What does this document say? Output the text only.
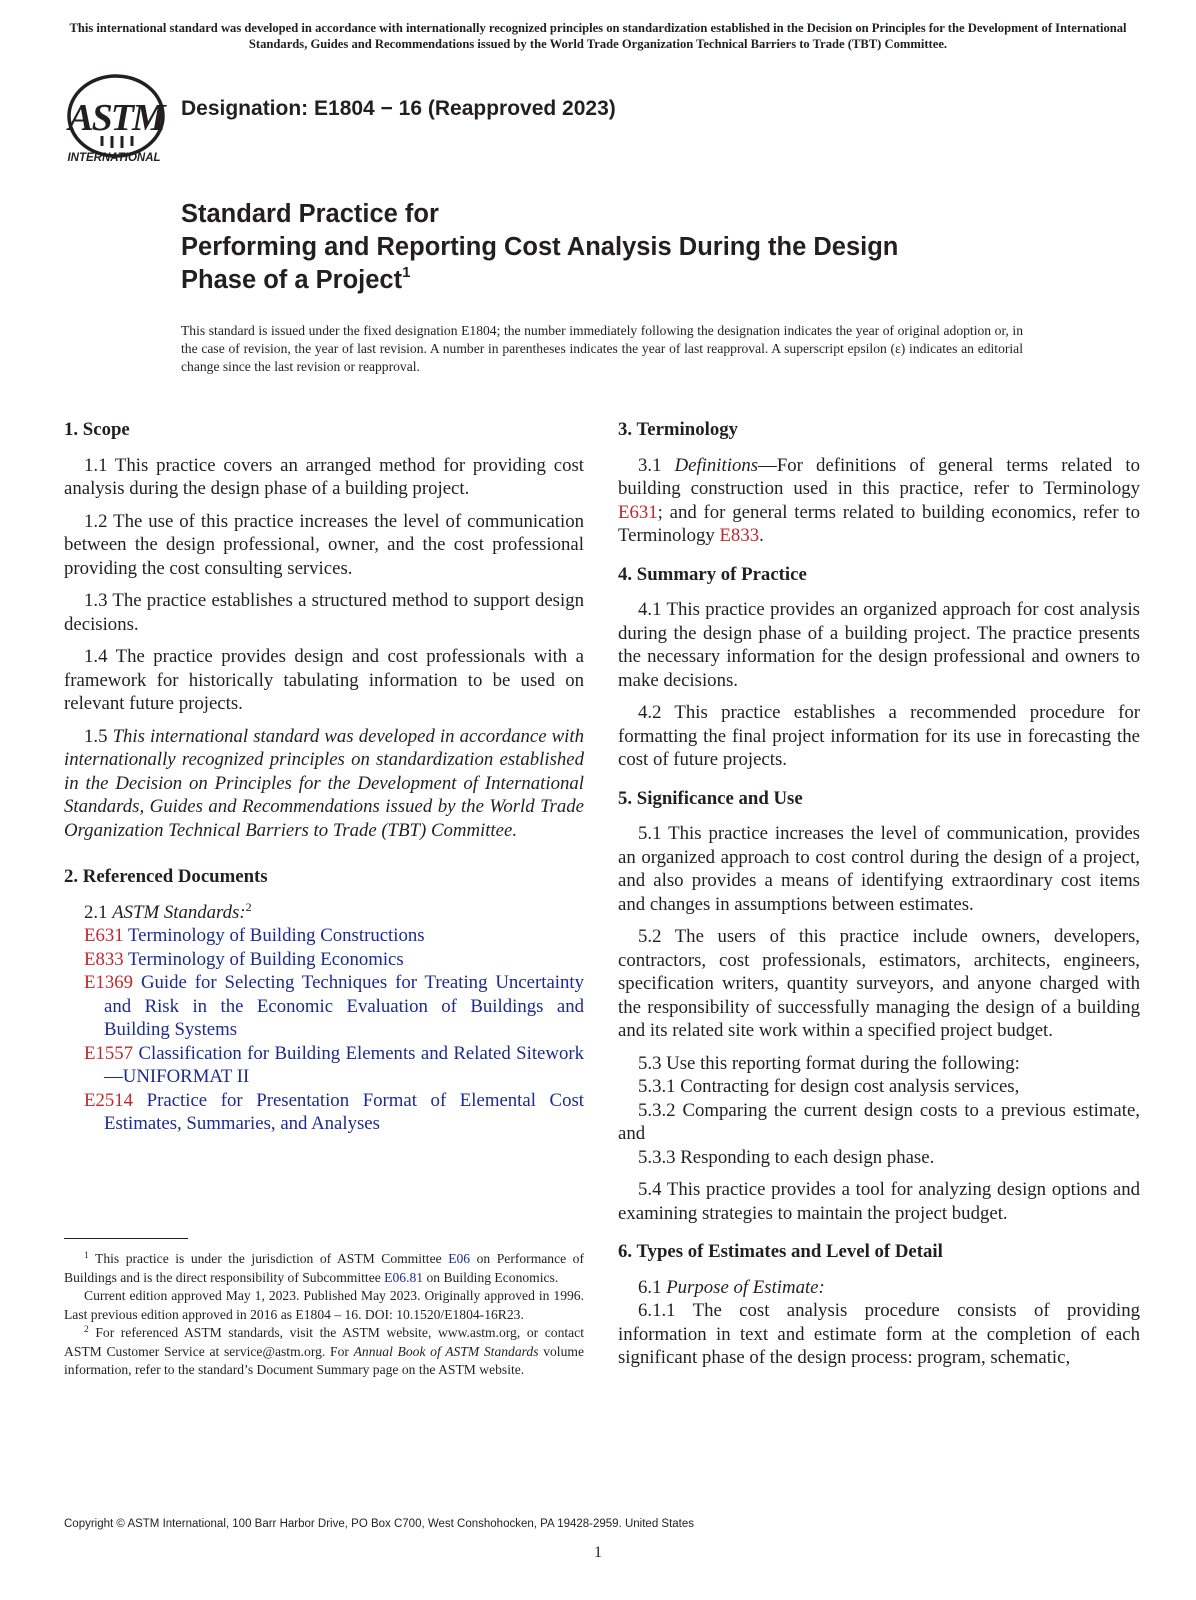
This international standard was developed in accordance with internationally recognized principles on standardization established in the Decision on Principles for the Development of International Standards, Guides and Recommendations issued by the World Trade Organization Technical Barriers to Trade (TBT) Committee.
ASTM
INTERNATIONAL
Designation: E1804 − 16 (Reapproved 2023)
Standard Practice for
Performing and Reporting Cost Analysis During the Design
Phase of a Project$^1$
This standard is issued under the fixed designation E1804; the number immediately following the designation indicates the year of original adoption or, in the case of revision, the year of last revision. A number in parentheses indicates the year of last reapproval. A superscript epsilon (ε) indicates an editorial change since the last revision or reapproval.
1. Scope

1.1 This practice covers an arranged method for providing cost analysis during the design phase of a building project.

1.2 The use of this practice increases the level of communication between the design professional, owner, and the cost professional providing the cost consulting services.

1.3 The practice establishes a structured method to support design decisions.

1.4 The practice provides design and cost professionals with a framework for historically tabulating information to be used on relevant future projects.

1.5 This international standard was developed in accordance with internationally recognized principles on standardization established in the Decision on Principles for the Development of International Standards, Guides and Recommendations issued by the World Trade Organization Technical Barriers to Trade (TBT) Committee.

2. Referenced Documents

2.1 ASTM Standards:$^2$

E631 Terminology of Building Constructions

E833 Terminology of Building Economics

E1369 Guide for Selecting Techniques for Treating Uncertainty and Risk in the Economic Evaluation of Buildings and Building Systems

E1557 Classification for Building Elements and Related Sitework—UNIFORMAT II

E2514 Practice for Presentation Format of Elemental Cost Estimates, Summaries, and Analyses

$^1$ This practice is under the jurisdiction of ASTM Committee E06 on Performance of Buildings and is the direct responsibility of Subcommittee E06.81 on Building Economics.

Current edition approved May 1, 2023. Published May 2023. Originally approved in 1996. Last previous edition approved in 2016 as E1804 – 16. DOI: 10.1520/E1804-16R23.

$^2$ For referenced ASTM standards, visit the ASTM website, www.astm.org, or contact ASTM Customer Service at service@astm.org. For Annual Book of ASTM Standards volume information, refer to the standard’s Document Summary page on the ASTM website.

3. Terminology

3.1 Definitions—For definitions of general terms related to building construction used in this practice, refer to Terminology E631; and for general terms related to building economics, refer to Terminology E833.

4. Summary of Practice

4.1 This practice provides an organized approach for cost analysis during the design phase of a building project. The practice presents the necessary information for the design professional and owners to make decisions.

4.2 This practice establishes a recommended procedure for formatting the final project information for its use in forecasting the cost of future projects.

5. Significance and Use

5.1 This practice increases the level of communication, provides an organized approach to cost control during the design of a project, and also provides a means of identifying extraordinary cost items and changes in assumptions between estimates.

5.2 The users of this practice include owners, developers, contractors, cost professionals, estimators, architects, engineers, specification writers, quantity surveyors, and anyone charged with the responsibility of successfully managing the design of a building and its related site work within a specified project budget.

5.3 Use this reporting format during the following:

5.3.1 Contracting for design cost analysis services,

5.3.2 Comparing the current design costs to a previous estimate, and

5.3.3 Responding to each design phase.

5.4 This practice provides a tool for analyzing design options and examining strategies to maintain the project budget.

6. Types of Estimates and Level of Detail

6.1 Purpose of Estimate:

6.1.1 The cost analysis procedure consists of providing information in text and estimate form at the completion of each significant phase of the design process: program, schematic,

Copyright © ASTM International, 100 Barr Harbor Drive, PO Box C700, West Conshohocken, PA 19428-2959. United States
1
